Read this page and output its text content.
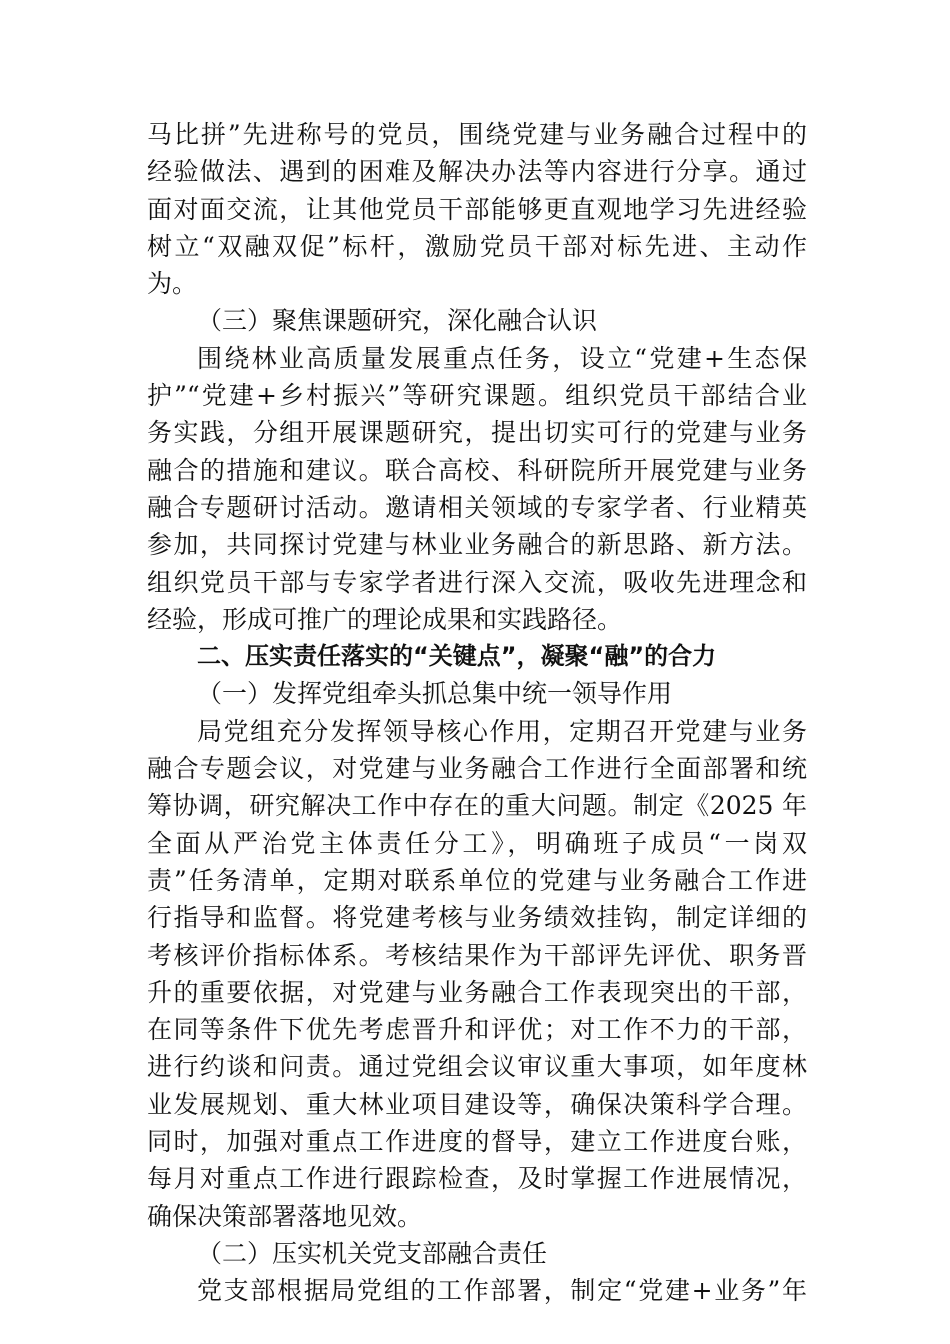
马比拼”先进称号的党员，围绕党建与业务融合过程中的
经验做法、遇到的困难及解决办法等内容进行分享。通过
面对面交流，让其他党员干部能够更直观地学习先进经验
树立“双融双促”标杆，激励党员干部对标先进、主动作
为。
（三）聚焦课题研究，深化融合认识
围绕林业高质量发展重点任务，设立“党建+生态保
护”“党建+乡村振兴”等研究课题。组织党员干部结合业
务实践，分组开展课题研究，提出切实可行的党建与业务
融合的措施和建议。联合高校、科研院所开展党建与业务
融合专题研讨活动。邀请相关领域的专家学者、行业精英
参加，共同探讨党建与林业业务融合的新思路、新方法。
组织党员干部与专家学者进行深入交流，吸收先进理念和
经验，形成可推广的理论成果和实践路径。
二、压实责任落实的“关键点”，凝聚“融”的合力
（一）发挥党组牵头抓总集中统一领导作用
局党组充分发挥领导核心作用，定期召开党建与业务
融合专题会议，对党建与业务融合工作进行全面部署和统
筹协调，研究解决工作中存在的重大问题。制定《2025 年
全面从严治党主体责任分工》，明确班子成员“一岗双
责”任务清单，定期对联系单位的党建与业务融合工作进
行指导和监督。将党建考核与业务绩效挂钩，制定详细的
考核评价指标体系。考核结果作为干部评先评优、职务晋
升的重要依据，对党建与业务融合工作表现突出的干部，
在同等条件下优先考虑晋升和评优；对工作不力的干部，
进行约谈和问责。通过党组会议审议重大事项，如年度林
业发展规划、重大林业项目建设等，确保决策科学合理。
同时，加强对重点工作进度的督导，建立工作进度台账，
每月对重点工作进行跟踪检查，及时掌握工作进展情况，
确保决策部署落地见效。
（二）压实机关党支部融合责任
党支部根据局党组的工作部署，制定“党建+业务”年
